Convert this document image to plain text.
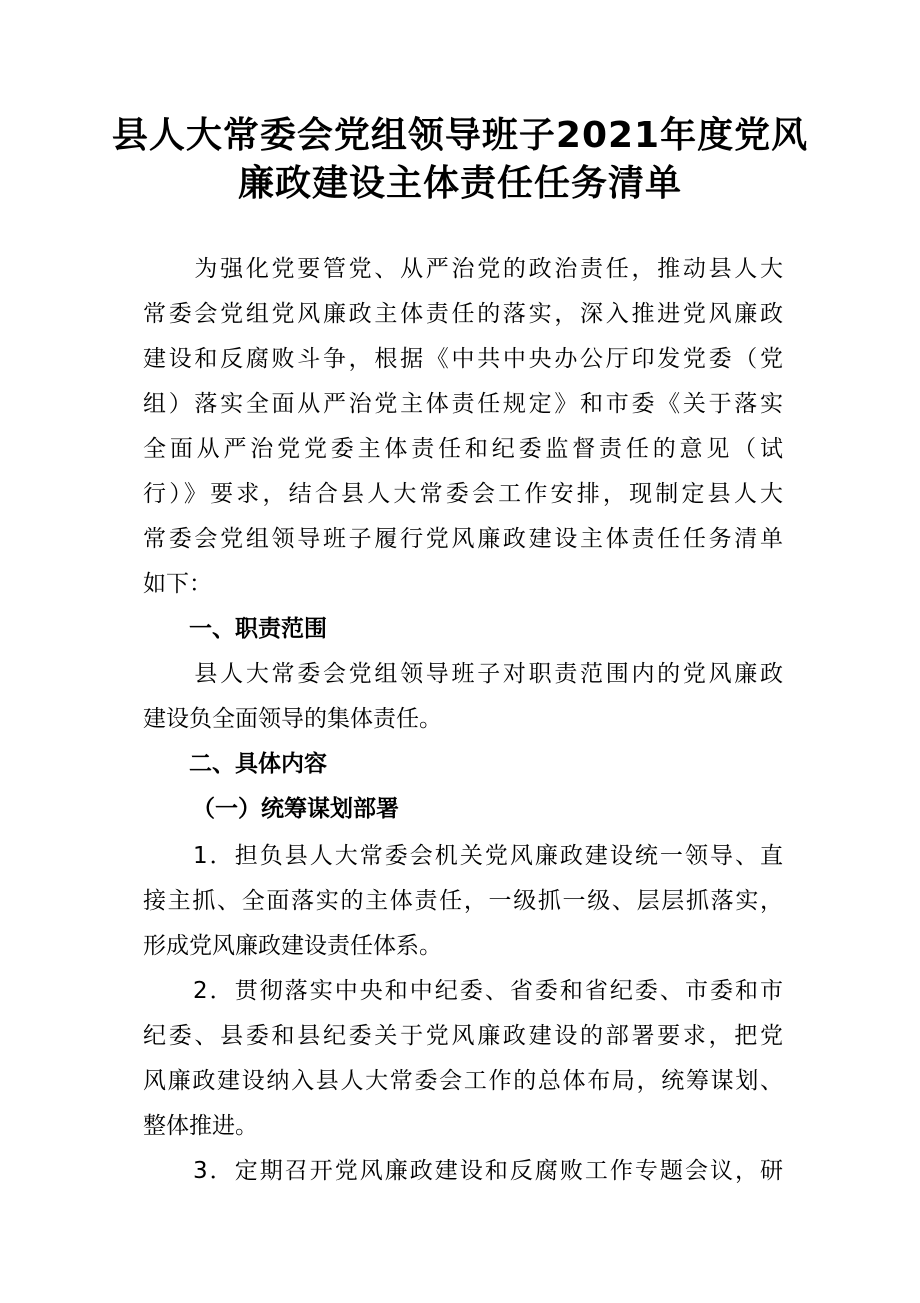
县人大常委会党组领导班子2021年度党风
廉政建设主体责任任务清单
　　为强化党要管党、从严治党的政治责任，推动县人大
常委会党组党风廉政主体责任的落实，深入推进党风廉政
建设和反腐败斗争，根据《中共中央办公厅印发党委（党
组）落实全面从严治党主体责任规定》和市委《关于落实
全面从严治党党委主体责任和纪委监督责任的意见（试
行）》要求，结合县人大常委会工作安排，现制定县人大
常委会党组领导班子履行党风廉政建设主体责任任务清单
如下：
一、职责范围
　　县人大常委会党组领导班子对职责范围内的党风廉政
建设负全面领导的集体责任。
二、具体内容
（一）统筹谋划部署
　　1．担负县人大常委会机关党风廉政建设统一领导、直
接主抓、全面落实的主体责任，一级抓一级、层层抓落实，
形成党风廉政建设责任体系。
　　2．贯彻落实中央和中纪委、省委和省纪委、市委和市
纪委、县委和县纪委关于党风廉政建设的部署要求，把党
风廉政建设纳入县人大常委会工作的总体布局，统筹谋划、
整体推进。
　　3．定期召开党风廉政建设和反腐败工作专题会议，研
